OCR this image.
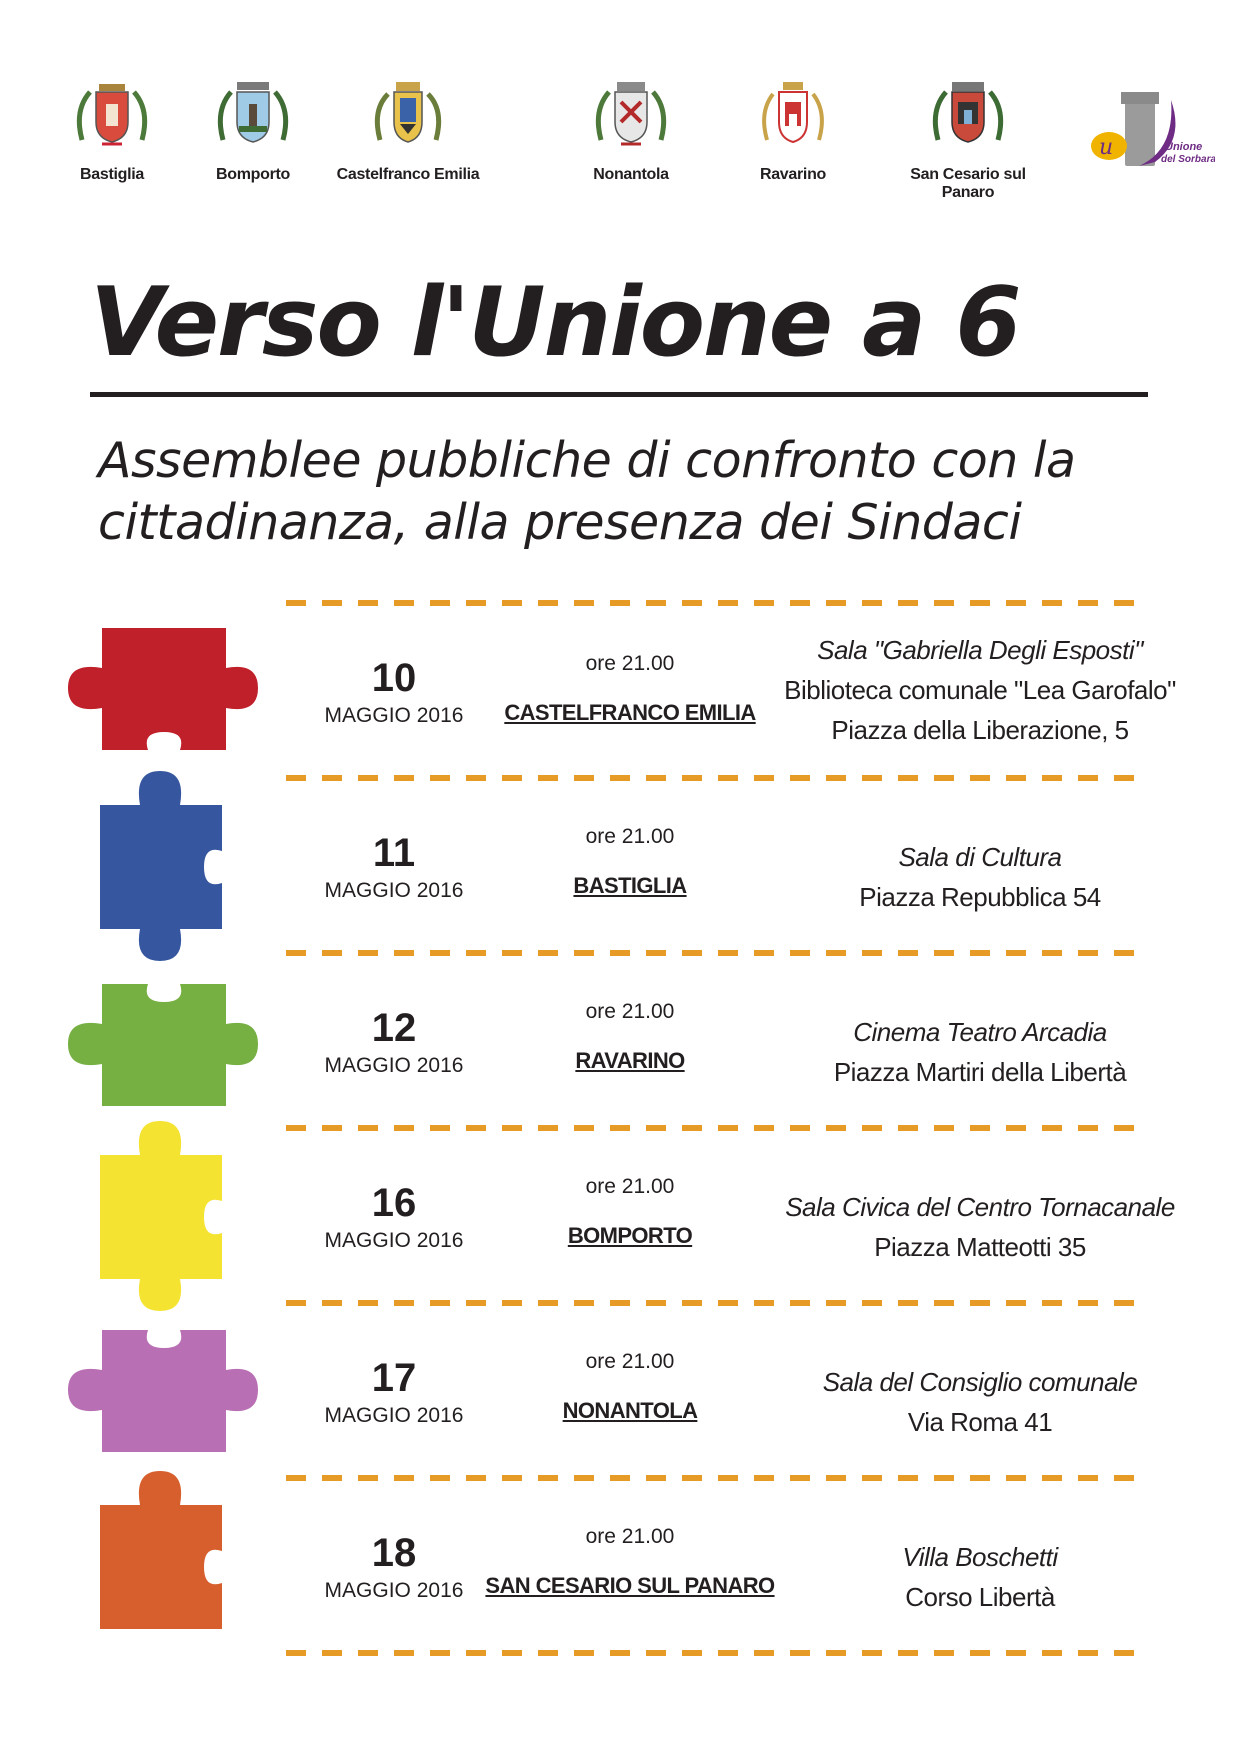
Bastiglia	Bomporto	Castelfranco Emilia	Nonantola	Ravarino	San Cesario sul Panaro
u	Unione
del Sorbara
Verso l'Unione a 6

Assemblee pubbliche di confronto con la
cittadinanza, alla presenza dei Sindaci

10
MAGGIO 2016
ore 21.00
CASTELFRANCO EMILIA
Sala "Gabriella Degli Esposti"
Biblioteca comunale "Lea Garofalo"
Piazza della Liberazione, 5
11
MAGGIO 2016
ore 21.00
BASTIGLIA
Sala di Cultura
Piazza Repubblica 54
12
MAGGIO 2016
ore 21.00
RAVARINO
Cinema Teatro Arcadia
Piazza Martiri della Libertà
16
MAGGIO 2016
ore 21.00
BOMPORTO
Sala Civica del Centro Tornacanale
Piazza Matteotti 35
17
MAGGIO 2016
ore 21.00
NONANTOLA
Sala del Consiglio comunale
Via Roma 41
18
MAGGIO 2016
ore 21.00
SAN CESARIO SUL PANARO
Villa Boschetti
Corso Libertà
